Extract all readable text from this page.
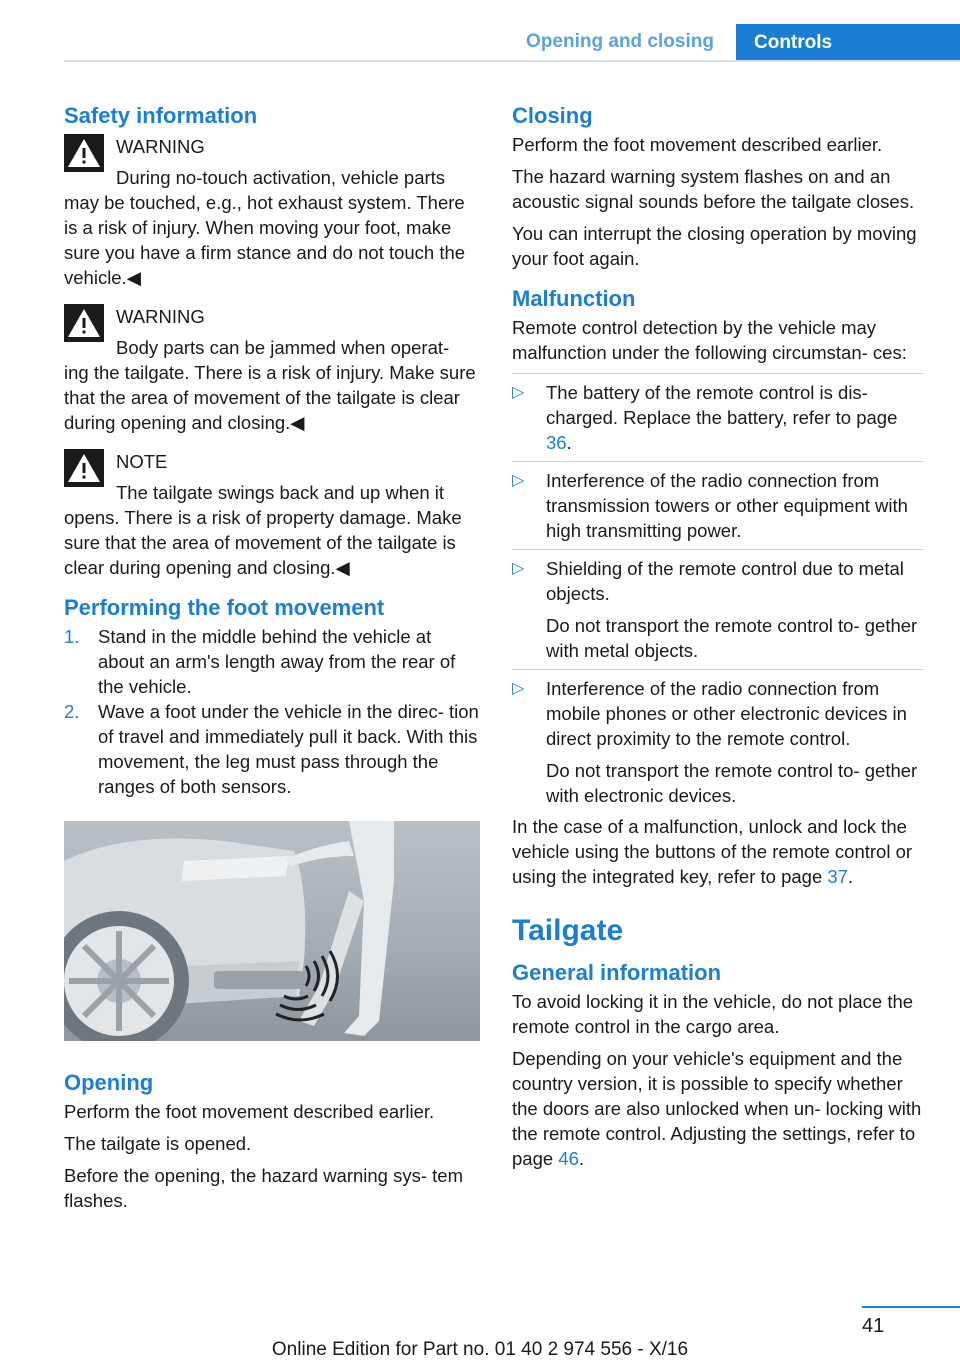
Opening and closing	Controls
Safety information
WARNING

During no-touch activation, vehicle parts

may be touched, e.g., hot exhaust system. There is a risk of injury. When moving your foot, make sure you have a firm stance and do not touch the vehicle.◀

WARNING

Body parts can be jammed when operat‐

ing the tailgate. There is a risk of injury. Make sure that the area of movement of the tailgate is clear during opening and closing.◀

NOTE

The tailgate swings back and up when it

opens. There is a risk of property damage. Make sure that the area of movement of the tailgate is clear during opening and closing.◀

Performing the foot movement
1. Stand in the middle behind the vehicle at about an arm's length away from the rear of the vehicle.

2. Wave a foot under the vehicle in the direc‐ tion of travel and immediately pull it back. With this movement, the leg must pass through the ranges of both sensors.

Opening

Perform the foot movement described earlier.

The tailgate is opened.

Before the opening, the hazard warning sys‐ tem flashes.

Closing

Perform the foot movement described earlier.

The hazard warning system flashes on and an acoustic signal sounds before the tailgate closes.

You can interrupt the closing operation by moving your foot again.

Malfunction

Remote control detection by the vehicle may malfunction under the following circumstan‐ ces:

▷ The battery of the remote control is dis‐ charged. Replace the battery, refer to page 36.

▷ Interference of the radio connection from transmission towers or other equipment with high transmitting power.

▷ Shielding of the remote control due to metal objects.

Do not transport the remote control to‐ gether with metal objects.

▷ Interference of the radio connection from mobile phones or other electronic devices in direct proximity to the remote control.

Do not transport the remote control to‐ gether with electronic devices.

In the case of a malfunction, unlock and lock the vehicle using the buttons of the remote control or using the integrated key, refer to page 37.

Tailgate
General information

To avoid locking it in the vehicle, do not place the remote control in the cargo area.

Depending on your vehicle's equipment and the country version, it is possible to specify whether the doors are also unlocked when un‐ locking with the remote control. Adjusting the settings, refer to page 46.

41
Online Edition for Part no. 01 40 2 974 556 - X/16
